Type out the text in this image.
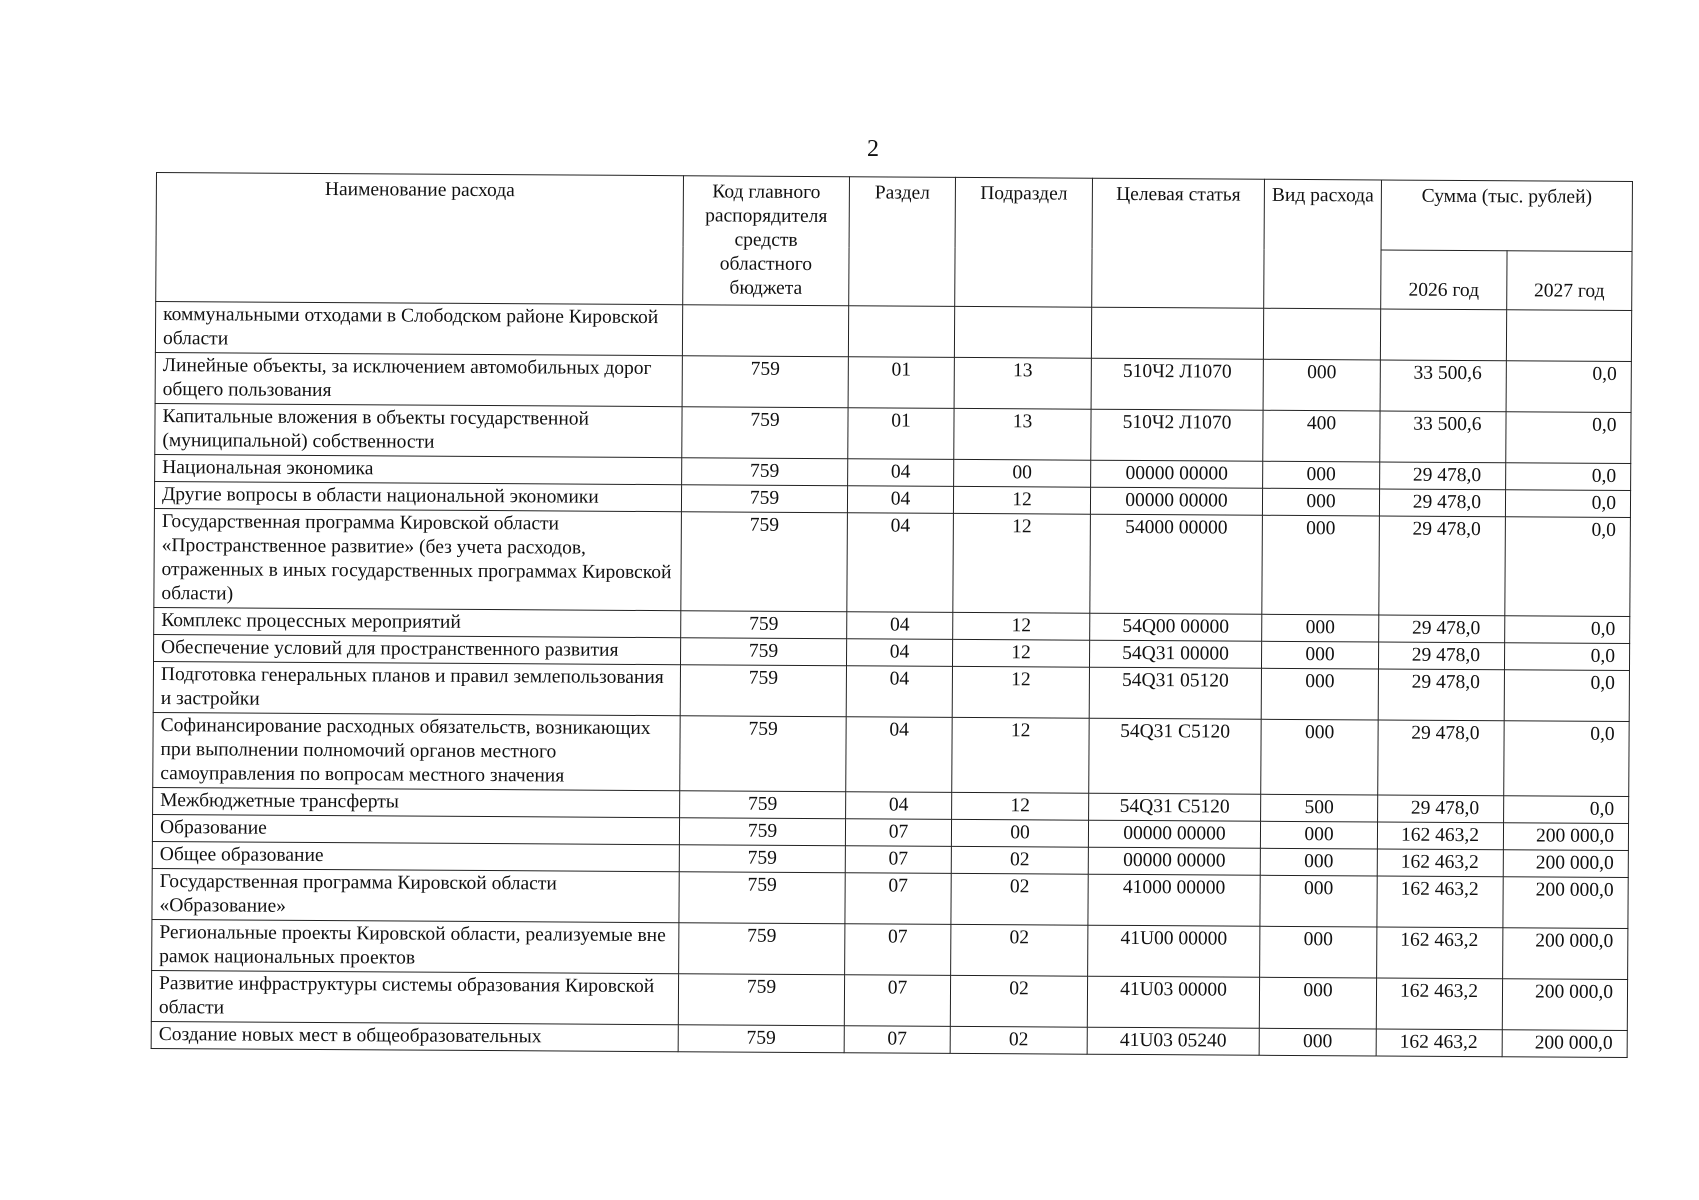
2
Наименование расхода	Код главного распорядителя средств областного бюджета	Раздел	Подраздел	Целевая статья	Вид расхода	Сумма (тыс. рублей)	
						2026 год	2027 год
коммунальными отходами в Слободском районе Кировской области							
Линейные объекты, за исключением автомобильных дорог общего пользования	759	01	13	510Ч2 Л1070	000	33 500,6	0,0
Капитальные вложения в объекты государственной (муниципальной) собственности	759	01	13	510Ч2 Л1070	400	33 500,6	0,0
Национальная экономика	759	04	00	00000 00000	000	29 478,0	0,0
Другие вопросы в области национальной экономики	759	04	12	00000 00000	000	29 478,0	0,0
Государственная программа Кировской области «Пространственное развитие» (без учета расходов, отраженных в иных государственных программах Кировской области)	759	04	12	54000 00000	000	29 478,0	0,0
Комплекс процессных мероприятий	759	04	12	54Q00 00000	000	29 478,0	0,0
Обеспечение условий для пространственного развития	759	04	12	54Q31 00000	000	29 478,0	0,0
Подготовка генеральных планов и правил землепользования и застройки	759	04	12	54Q31 05120	000	29 478,0	0,0
Софинансирование расходных обязательств, возникающих при выполнении полномочий органов местного самоуправления по вопросам местного значения	759	04	12	54Q31 C5120	000	29 478,0	0,0
Межбюджетные трансферты	759	04	12	54Q31 C5120	500	29 478,0	0,0
Образование	759	07	00	00000 00000	000	162 463,2	200 000,0
Общее образование	759	07	02	00000 00000	000	162 463,2	200 000,0
Государственная программа Кировской области «Образование»	759	07	02	41000 00000	000	162 463,2	200 000,0
Региональные проекты Кировской области, реализуемые вне рамок национальных проектов	759	07	02	41U00 00000	000	162 463,2	200 000,0
Развитие инфраструктуры системы образования Кировской области	759	07	02	41U03 00000	000	162 463,2	200 000,0
Создание новых мест в общеобразовательных	759	07	02	41U03 05240	000	162 463,2	200 000,0
